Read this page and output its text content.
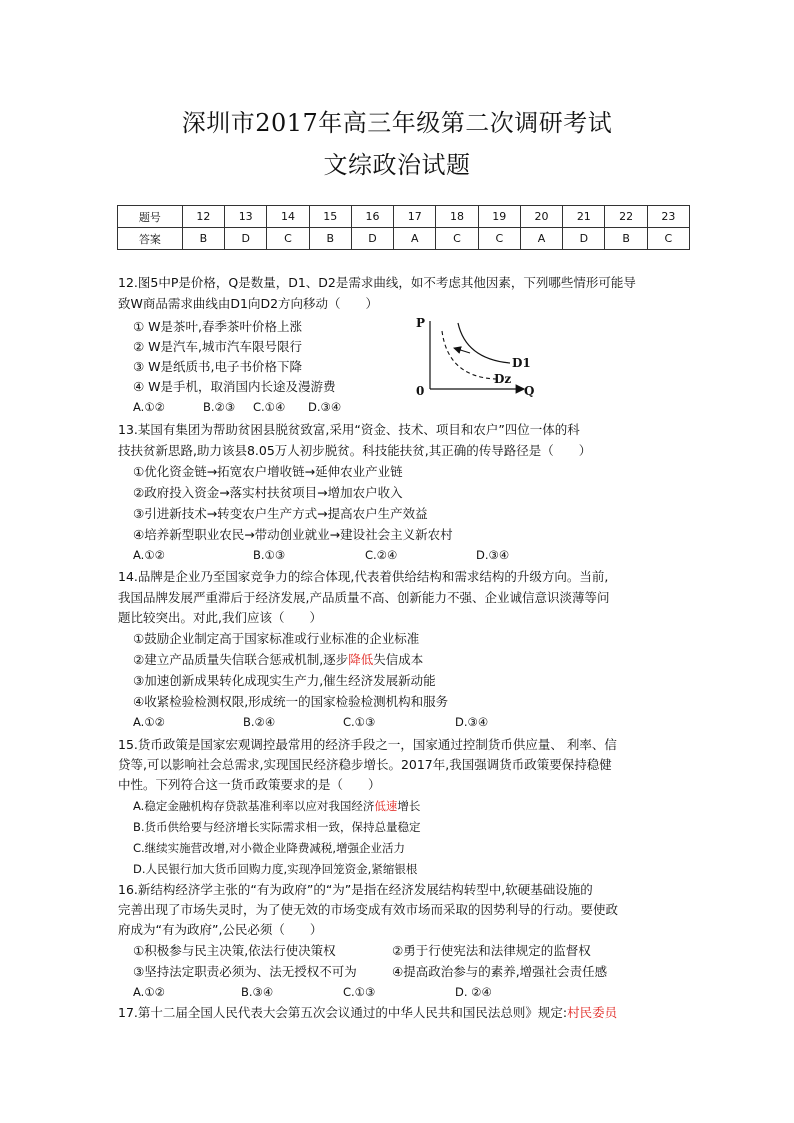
深圳市2017年高三年级第二次调研考试
文综政治试题
题号	12	13	14	15	16	17	18	19	20	21	22	23
答案	B	D	C	B	D	A	C	C	A	D	B	C
12.图5中P是价格，Q是数量，D1、D2是需求曲线，如不考虑其他因素，下列哪些情形可能导
致W商品需求曲线由D1向D2方向移动（　　）
① W是茶叶,春季茶叶价格上涨
② W是汽车,城市汽车限号限行
③ W是纸质书,电子书价格下降
④ W是手机，取消国内长途及漫游费
A.①②	B.②③ C.①④ D.③④
P
0	Q
D1
Dz
13.某国有集团为帮助贫困县脱贫致富,采用“资金、技术、项目和农户”四位一体的科
技扶贫新思路,助力该县8.05万人初步脱贫。科技能扶贫,其正确的传导路径是（　　）
①优化资金链→拓宽农户增收链→延伸农业产业链
②政府投入资金→落实村扶贫项目→增加农户收入
③引进新技术→转变农户生产方式→提高农户生产效益
④培养新型职业农民→带动创业就业→建设社会主义新农村
A.①②	B.①③	C.②④	D.③④
14.品牌是企业乃至国家竞争力的综合体现,代表着供给结构和需求结构的升级方向。当前,
我国品牌发展严重滞后于经济发展,产品质量不高、创新能力不强、企业诚信意识淡薄等问
题比较突出。对此,我们应该（　　）
①鼓励企业制定高于国家标准或行业标准的企业标准
②建立产品质量失信联合惩戒机制,逐步降低失信成本
③加速创新成果转化成现实生产力,催生经济发展新动能
④收紧检验检测权限,形成统一的国家检验检测机构和服务
A.①②	B.②④	C.①③	D.③④
15.货币政策是国家宏观调控最常用的经济手段之一，国家通过控制货币供应量、 利率、信
贷等,可以影响社会总需求,实现国民经济稳步增长。2017年,我国强调货币政策要保持稳健
中性。下列符合这一货币政策要求的是（　　）
A.稳定金融机构存贷款基准利率以应对我国经济低速增长
B.货币供给要与经济增长实际需求相一致，保持总量稳定
C.继续实施营改增,对小微企业降费减税,增强企业活力
D.人民银行加大货币回购力度,实现净回笼资金,紧缩银根
16.新结构经济学主张的“有为政府”的“为”是指在经济发展结构转型中,软硬基础设施的
完善出现了市场失灵时，为了使无效的市场变成有效市场而采取的因势利导的行动。要使政
府成为“有为政府”,公民必须（　　）
①积极参与民主决策,依法行使决策权	②勇于行使宪法和法律规定的监督权
③坚持法定职责必须为、法无授权不可为	④提高政治参与的素养,增强社会责任感
A.①②	B.③④	C.①③	D. ②④
17.第十二届全国人民代表大会第五次会议通过的中华人民共和国民法总则》规定:村民委员
